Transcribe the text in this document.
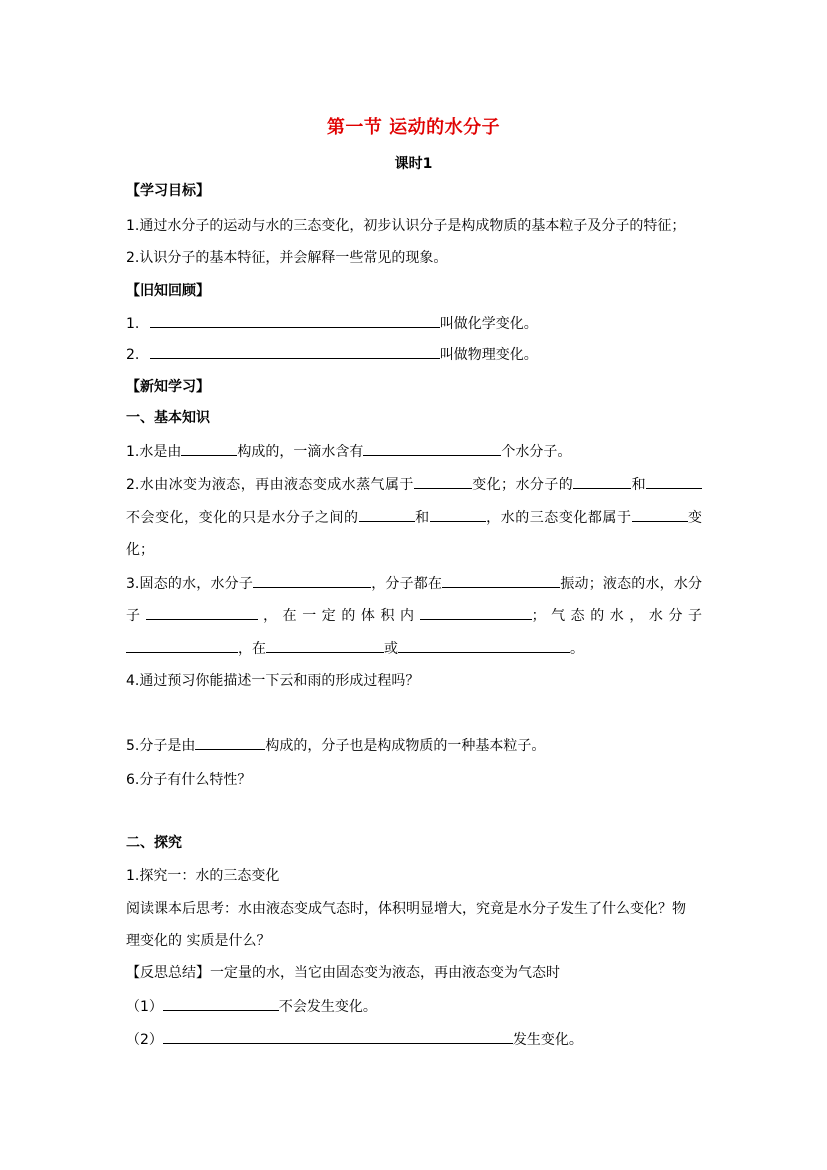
第一节 运动的水分子
课时1
【学习目标】
1.通过水分子的运动与水的三态变化，初步认识分子是构成物质的基本粒子及分子的特征；
2.认识分子的基本特征，并会解释一些常见的现象。
【旧知回顾】
1.	叫做化学变化。
2.	叫做物理变化。
【新知学习】
一、基本知识
1.水是由	构成的，一滴水含有	个水分子。
2.水由冰变为液态，再由液态变成水蒸气属于	变化；水分子的	和
不会变化，变化的只是水分子之间的	和	，水的三态变化都属于	变
化；
3.固态的水，水分子	，分子都在	振动；液态的水，水分
子	，在一定的体积内	；气态的水，水分子
，在	或	。
4.通过预习你能描述一下云和雨的形成过程吗？
5.分子是由	构成的，分子也是构成物质的一种基本粒子。
6.分子有什么特性？
二、探究
1.探究一：水的三态变化
阅读课本后思考：水由液态变成气态时，体积明显增大，究竟是水分子发生了什么变化？物
理变化的 实质是什么？
【反思总结】一定量的水，当它由固态变为液态，再由液态变为气态时
（1）	不会发生变化。
（2）	发生变化。
